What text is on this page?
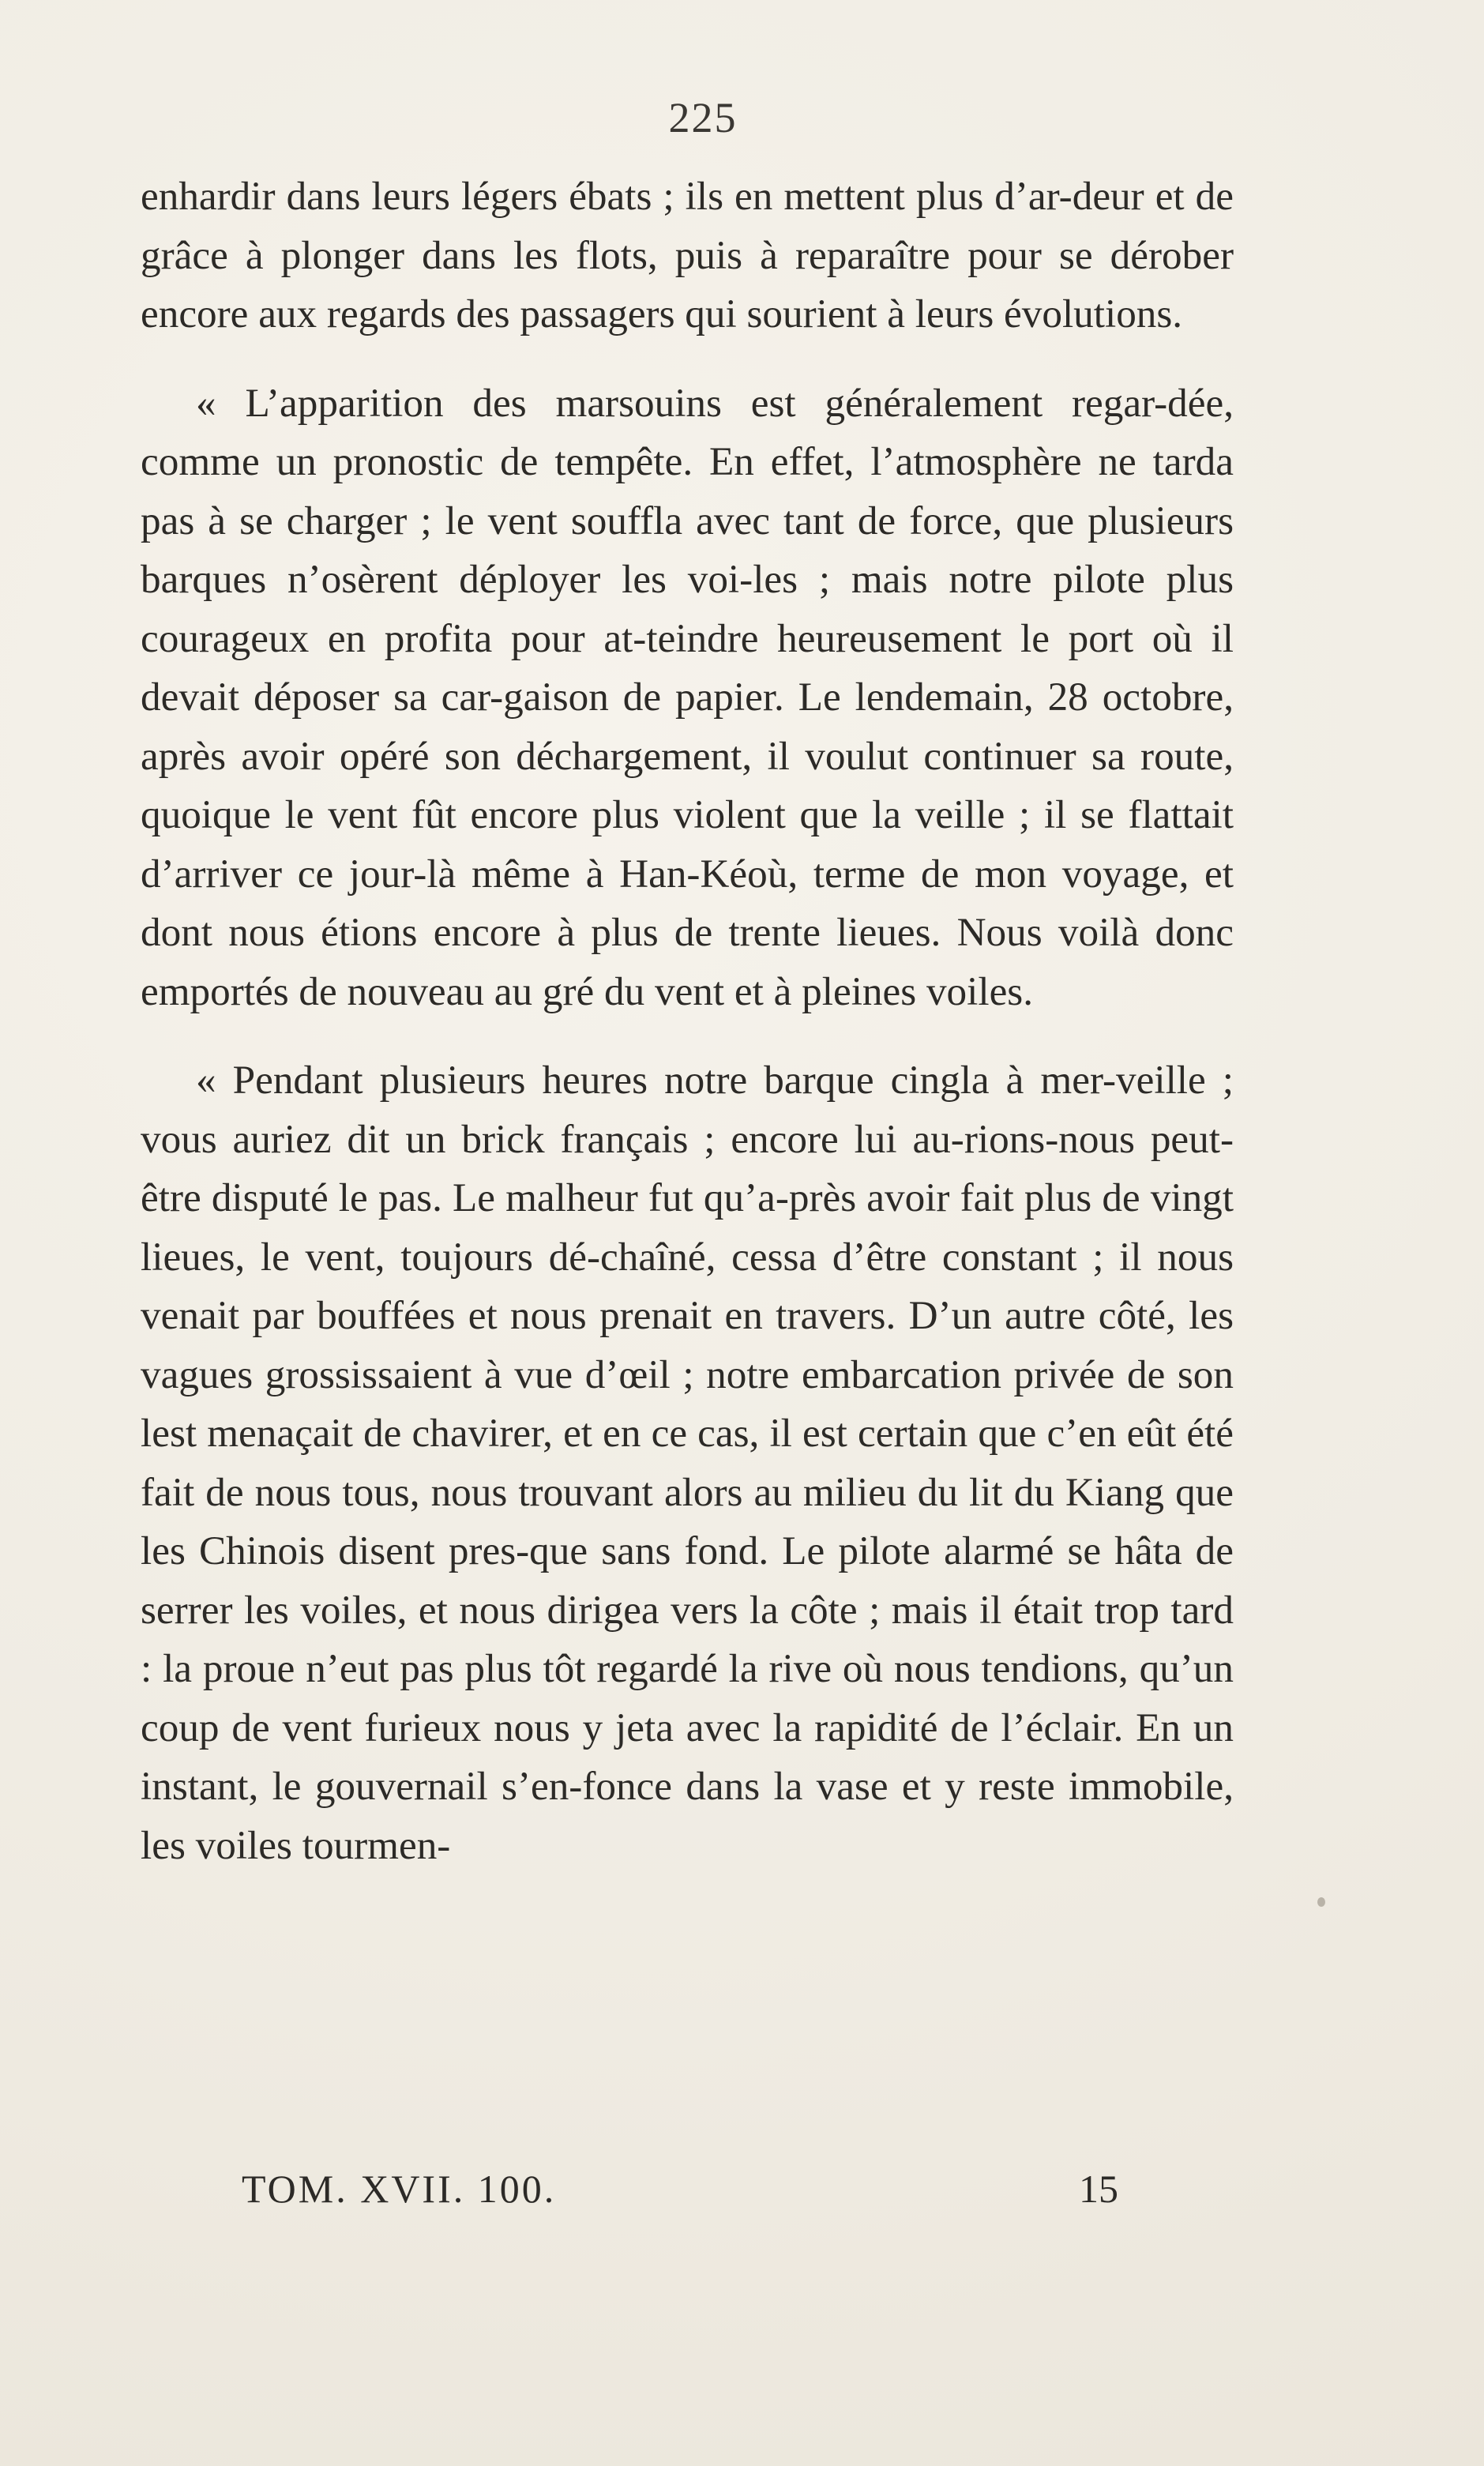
225

enhardir dans leurs légers ébats ; ils en mettent plus d’ar-deur et de grâce à plonger dans les flots, puis à reparaître pour se dérober encore aux regards des passagers qui sourient à leurs évolutions.

« L’apparition des marsouins est généralement regar-dée, comme un pronostic de tempête. En effet, l’atmosphère ne tarda pas à se charger ; le vent souffla avec tant de force, que plusieurs barques n’osèrent déployer les voi-les ; mais notre pilote plus courageux en profita pour at-teindre heureusement le port où il devait déposer sa car-gaison de papier. Le lendemain, 28 octobre, après avoir opéré son déchargement, il voulut continuer sa route, quoique le vent fût encore plus violent que la veille ; il se flattait d’arriver ce jour-là même à Han-Kéoù, terme de mon voyage, et dont nous étions encore à plus de trente lieues. Nous voilà donc emportés de nouveau au gré du vent et à pleines voiles.

« Pendant plusieurs heures notre barque cingla à mer-veille ; vous auriez dit un brick français ; encore lui au-rions-nous peut-être disputé le pas. Le malheur fut qu’a-près avoir fait plus de vingt lieues, le vent, toujours dé-chaîné, cessa d’être constant ; il nous venait par bouffées et nous prenait en travers. D’un autre côté, les vagues grossissaient à vue d’œil ; notre embarcation privée de son lest menaçait de chavirer, et en ce cas, il est certain que c’en eût été fait de nous tous, nous trouvant alors au milieu du lit du Kiang que les Chinois disent pres-que sans fond. Le pilote alarmé se hâta de serrer les voiles, et nous dirigea vers la côte ; mais il était trop tard : la proue n’eut pas plus tôt regardé la rive où nous tendions, qu’un coup de vent furieux nous y jeta avec la rapidité de l’éclair. En un instant, le gouvernail s’en-fonce dans la vase et y reste immobile, les voiles tourmen-

TOM. XVII. 100.	15
